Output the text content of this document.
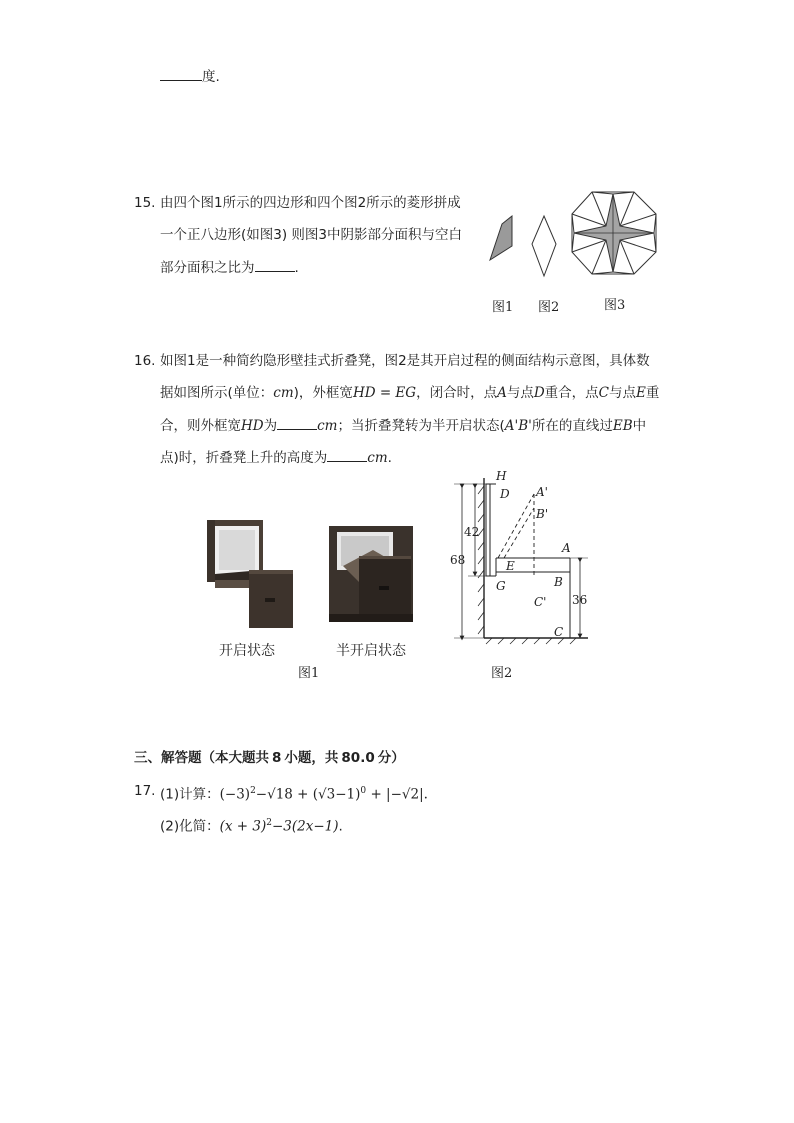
度.
15. 由四个图1所示的四边形和四个图2所示的菱形拼成
一个正八边形(如图3) 则图3中阴影部分面积与空白
部分面积之比为	.
图1 图2	图3
16. 如图1是一种简约隐形壁挂式折叠凳，图2是其开启过程的侧面结构示意图，具体数
据如图所示(单位：cm)，外框宽HD = EG，闭合时，点A与点D重合，点C与点E重
合，则外框宽HD为	cm；当折叠凳转为半开启状态(A'B'所在的直线过EB中
点)时，折叠凳上升的高度为	cm.
开启状态	半开启状态
图1	图2
H
D A'
B'
E
G
A
B
C'
C
42
68
36
三、解答题（本大题共 8 小题，共 80.0 分）
17. (1)计算：$(-3)^2-√18 + (√3-1)^0 + |-√2|$.
(2)化简：$(x + 3)^2-3(2x-1)$.
